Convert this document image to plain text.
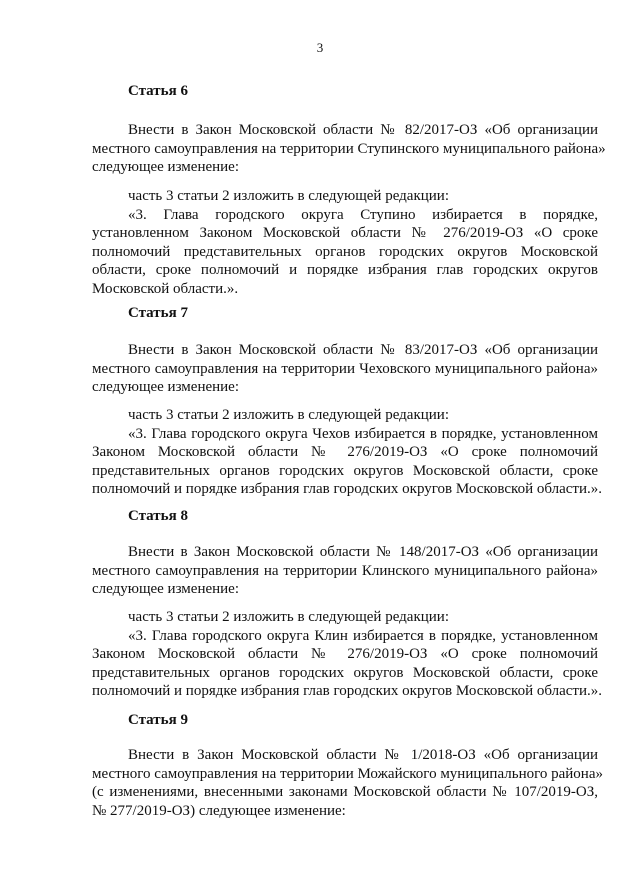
3
Статья 6
Внести в Закон Московской области № 82/2017-ОЗ «Об организации
местного самоуправления на территории Ступинского муниципального района»
следующее изменение:
часть 3 статьи 2 изложить в следующей редакции:
«3. Глава городского округа Ступино избирается в порядке,
установленном Законом Московской области № 276/2019-ОЗ «О сроке
полномочий представительных органов городских округов Московской
области, сроке полномочий и порядке избрания глав городских округов
Московской области.».
Статья 7
Внести в Закон Московской области № 83/2017-ОЗ «Об организации
местного самоуправления на территории Чеховского муниципального района»
следующее изменение:
часть 3 статьи 2 изложить в следующей редакции:
«3. Глава городского округа Чехов избирается в порядке, установленном
Законом Московской области № 276/2019-ОЗ «О сроке полномочий
представительных органов городских округов Московской области, сроке
полномочий и порядке избрания глав городских округов Московской области.».
Статья 8
Внести в Закон Московской области № 148/2017-ОЗ «Об организации
местного самоуправления на территории Клинского муниципального района»
следующее изменение:
часть 3 статьи 2 изложить в следующей редакции:
«3. Глава городского округа Клин избирается в порядке, установленном
Законом Московской области № 276/2019-ОЗ «О сроке полномочий
представительных органов городских округов Московской области, сроке
полномочий и порядке избрания глав городских округов Московской области.».
Статья 9
Внести в Закон Московской области № 1/2018-ОЗ «Об организации
местного самоуправления на территории Можайского муниципального района»
(с изменениями, внесенными законами Московской области № 107/2019-ОЗ,
№ 277/2019-ОЗ) следующее изменение:
